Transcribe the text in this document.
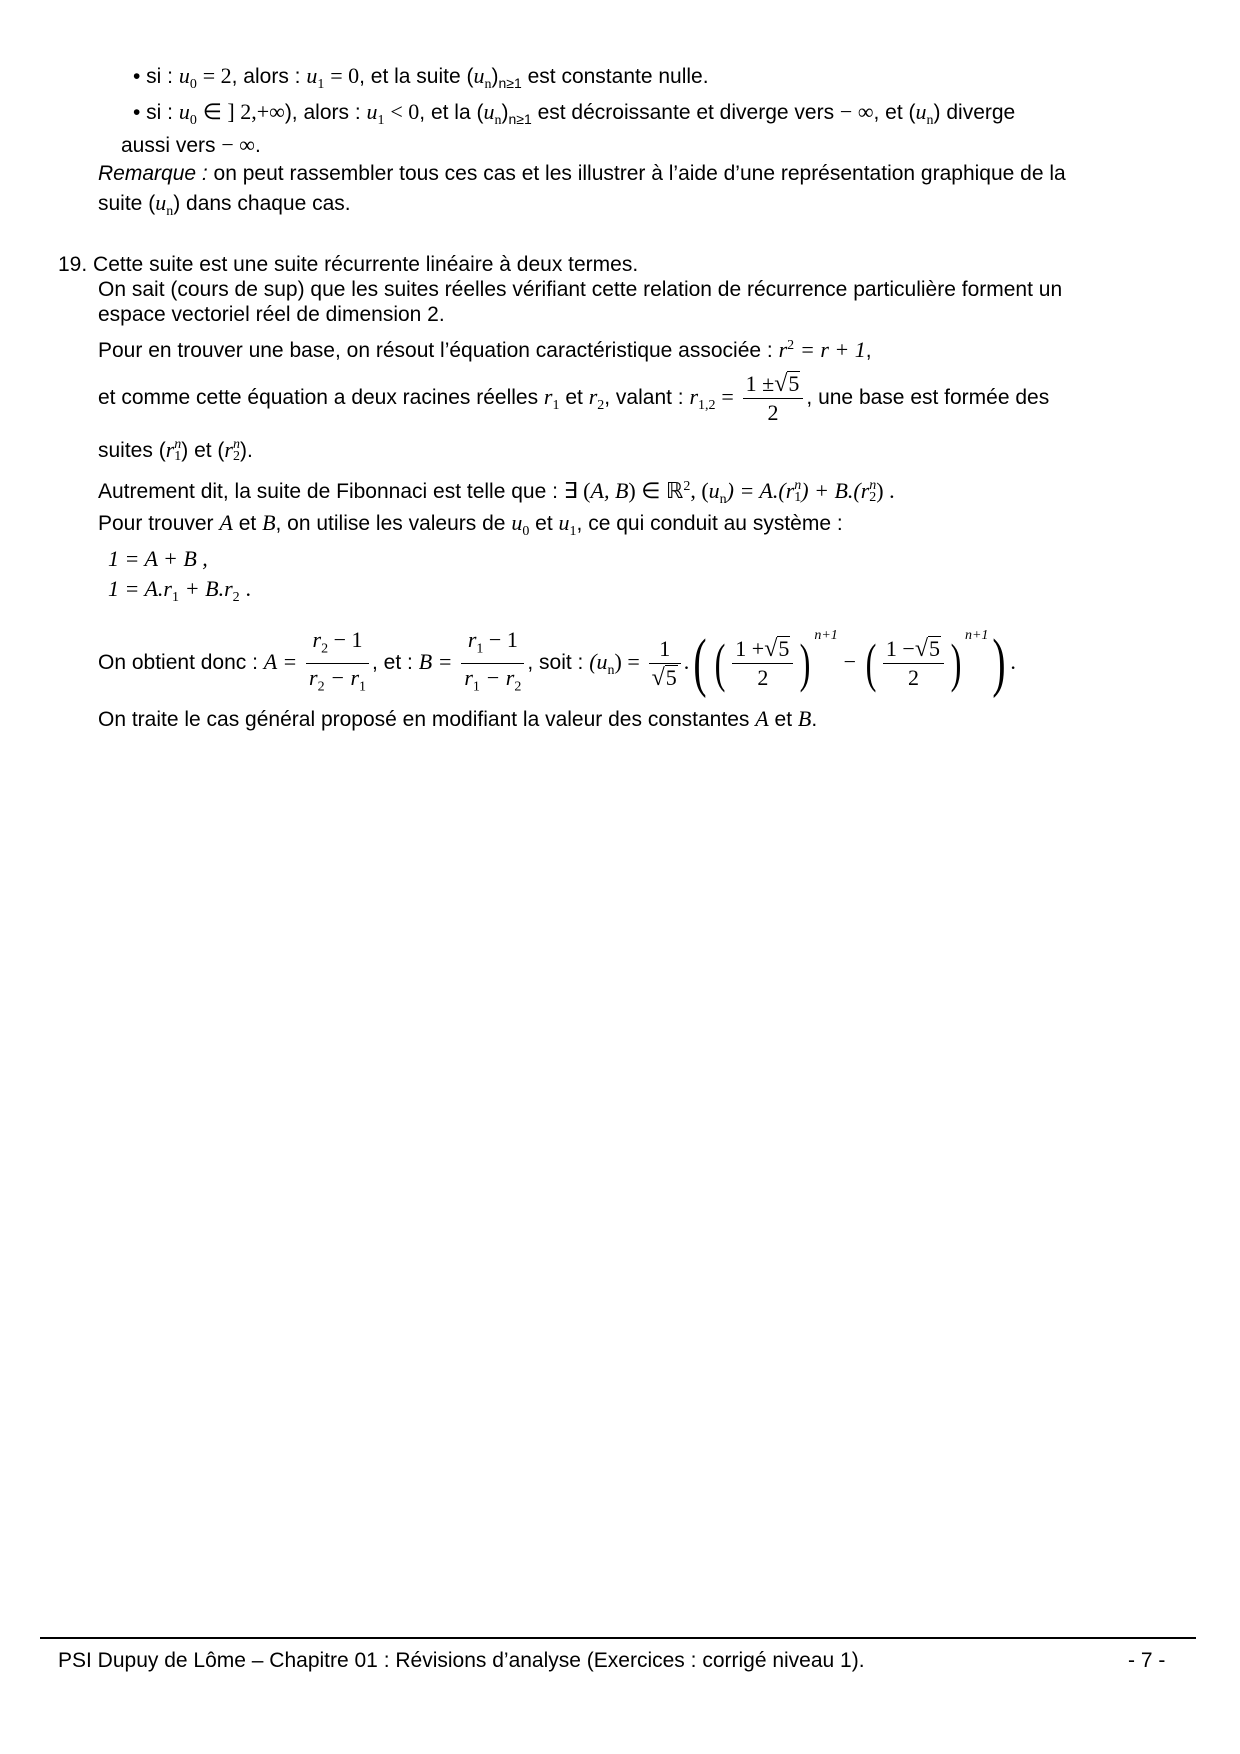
• si : $u_0 = 2$, alors : $u_1 = 0$, et la suite $(u_n)_{n\ge 1}$ est constante nulle.
• si : $u_0$ ∈ ] 2,+∞), alors : $u_1 < 0$, et la $(u_n)_{n\ge 1}$ est décroissante et diverge vers − ∞, et $(u_n)$ diverge
aussi vers − ∞.
Remarque : on peut rassembler tous ces cas et les illustrer à l’aide d’une représentation graphique de la
suite $(u_n)$ dans chaque cas.
19. Cette suite est une suite récurrente linéaire à deux termes.
On sait (cours de sup) que les suites réelles vérifiant cette relation de récurrence particulière forment un
espace vectoriel réel de dimension 2.
Pour en trouver une base, on résout l’équation caractéristique associée : $r^2 = r + 1$,
et comme cette équation a deux racines réelles $r_1$ et $r_2$, valant : $r_{1,2} = \frac{1 \pm√5}{2}$ , une base est formée des
suites (r n
1 ) et (r n
2 ).
Autrement dit, la suite de Fibonnaci est telle que : ∃ (A, B) ∈ ℝ$^2$, $(u_n) = A.(r$ n
1 ) + B.(r n
2 ) .
Pour trouver A et B, on utilise les valeurs de $u_0$ et $u_1$, ce qui conduit au système :
1 = A + B ,
$1 = A.r_1 + B.r_2$ .
On obtient donc : $A = \frac{r_2 - 1}{r_2 - r_1}$ , et : $B = \frac{r_1 - 1}{r_1 - r_2}$ , soit : $(u_n) = \frac{1}{√5}$ .( ( $\frac{1 +√5}{2}$ ) $^{n+1}$ − ( $\frac{1 -√5}{2}$ ) $^{n+1}$) .
On traite le cas général proposé en modifiant la valeur des constantes A et B.
PSI Dupuy de Lôme – Chapitre 01 : Révisions d’analyse (Exercices : corrigé niveau 1).	- 7 -
